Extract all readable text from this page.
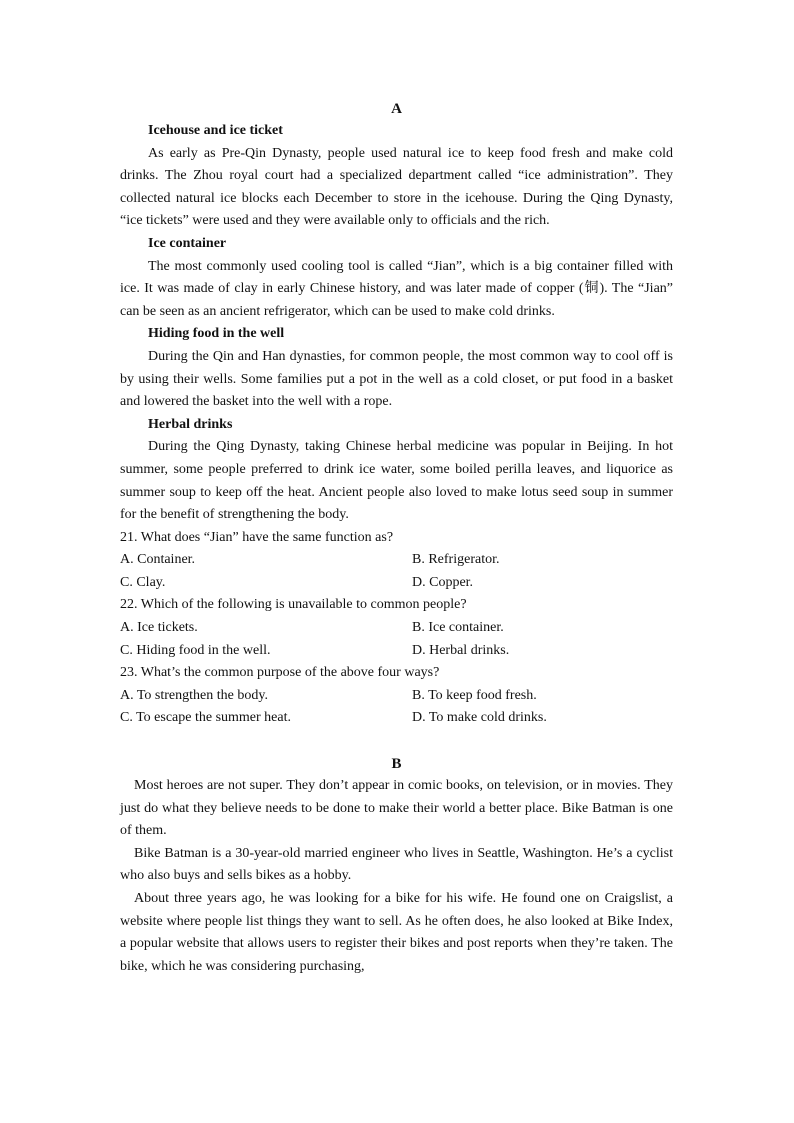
A
Icehouse and ice ticket

As early as Pre-Qin Dynasty, people used natural ice to keep food fresh and make cold drinks. The Zhou royal court had a specialized department called “ice administration”. They collected natural ice blocks each December to store in the icehouse. During the Qing Dynasty, “ice tickets” were used and they were available only to officials and the rich.

Ice container

The most commonly used cooling tool is called “Jian”, which is a big container filled with ice. It was made of clay in early Chinese history, and was later made of copper (铜). The “Jian” can be seen as an ancient refrigerator, which can be used to make cold drinks.

Hiding food in the well

During the Qin and Han dynasties, for common people, the most common way to cool off is by using their wells. Some families put a pot in the well as a cold closet, or put food in a basket and lowered the basket into the well with a rope.

Herbal drinks

During the Qing Dynasty, taking Chinese herbal medicine was popular in Beijing. In hot summer, some people preferred to drink ice water, some boiled perilla leaves, and liquorice as summer soup to keep off the heat. Ancient people also loved to make lotus seed soup in summer for the benefit of strengthening the body.

21. What does “Jian” have the same function as?

A. Container.	B. Refrigerator.
C. Clay.	D. Copper.

22. Which of the following is unavailable to common people?

A. Ice tickets.	B. Ice container.
C. Hiding food in the well.	D. Herbal drinks.

23. What’s the common purpose of the above four ways?

A. To strengthen the body.	B. To keep food fresh.
C. To escape the summer heat.	D. To make cold drinks.
B

Most heroes are not super. They don’t appear in comic books, on television, or in movies. They just do what they believe needs to be done to make their world a better place. Bike Batman is one of them.

Bike Batman is a 30-year-old married engineer who lives in Seattle, Washington. He’s a cyclist who also buys and sells bikes as a hobby.

About three years ago, he was looking for a bike for his wife. He found one on Craigslist, a website where people list things they want to sell. As he often does, he also looked at Bike Index, a popular website that allows users to register their bikes and post reports when they’re taken. The bike, which he was considering purchasing,
